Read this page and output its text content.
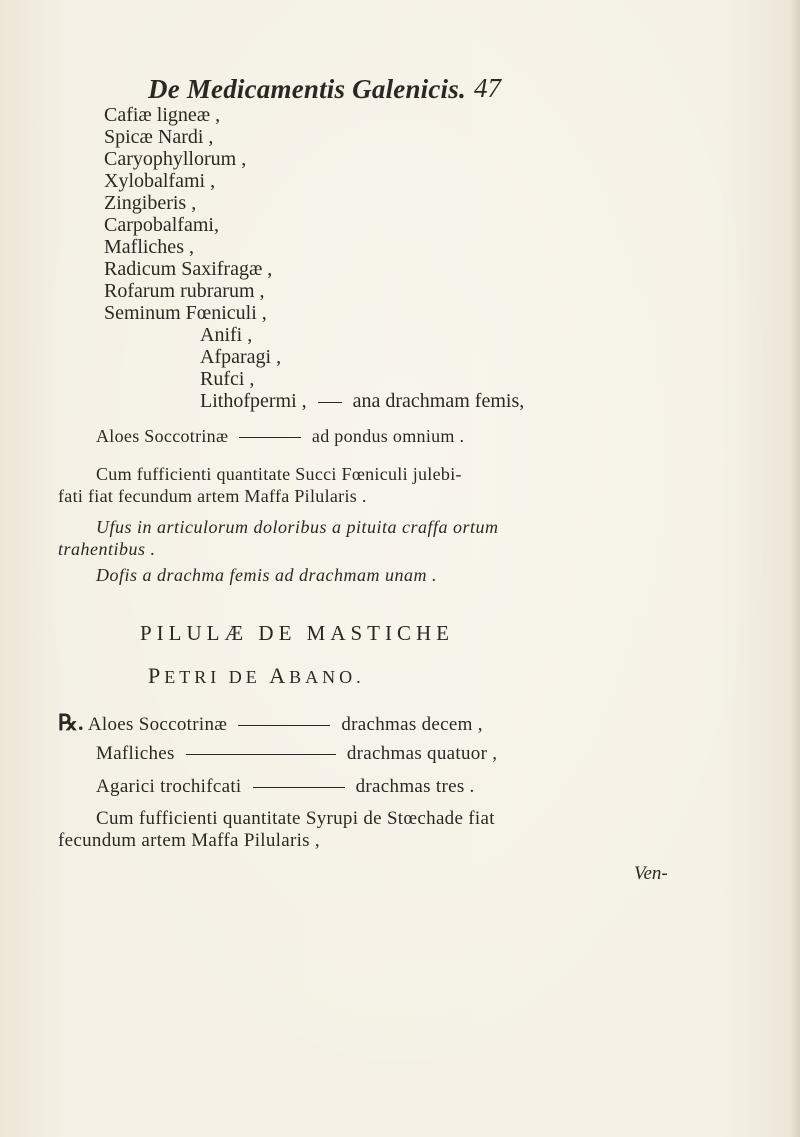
De Medicamentis Galenicis. 47
Cafiæ ligneæ ,
Spicæ Nardi ,
Caryophyllorum ,
Xylobalfami ,
Zingiberis ,
Carpobalfami,
Mafliches ,
Radicum Saxifragæ ,
Rofarum rubrarum ,
Seminum Fœniculi ,
Anifi ,
Afparagi ,
Rufci ,
Lithofpermi , ana drachmam femis,
Aloes Soccotrinæ	ad pondus omnium .
Cum fufficienti quantitate Succi Fœniculi julebi-
fati fiat fecundum artem Maffa Pilularis .
Ufus in articulorum doloribus a pituita craffa ortum
trahentibus .
Dofis a drachma femis ad drachmam unam .
PILULÆ DE MASTICHE
PETRI DE ABANO.
℞. Aloes Soccotrinæ	drachmas decem ,
Mafliches	drachmas quatuor ,
Agarici trochifcati	drachmas tres .
Cum fufficienti quantitate Syrupi de Stœchade fiat
fecundum artem Maffa Pilularis ,
Ven-
